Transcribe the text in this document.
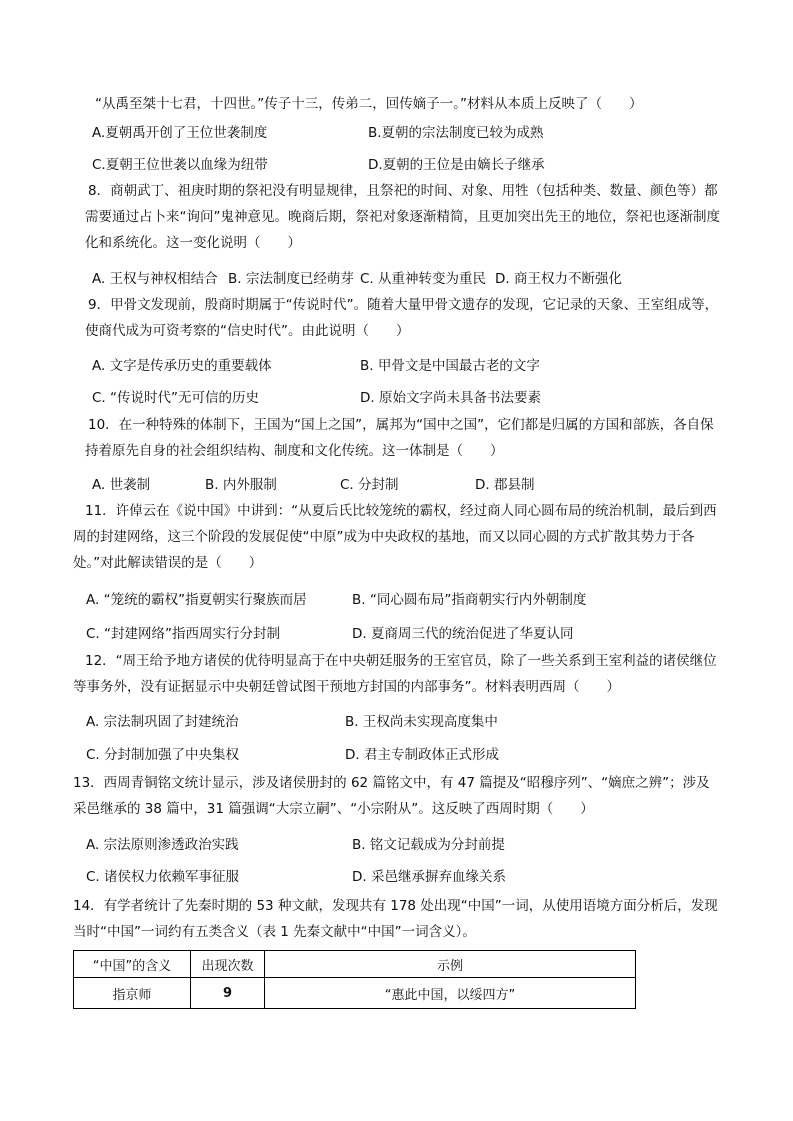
“从禹至桀十七君，十四世。”传子十三，传弟二，回传嫡子一。”材料从本质上反映了（　　）
A.夏朝禹开创了王位世袭制度	B.夏朝的宗法制度已较为成熟
C.夏朝王位世袭以血缘为纽带	D.夏朝的王位是由嫡长子继承
8．商朝武丁、祖庚时期的祭祀没有明显规律，且祭祀的时间、对象、用牲（包括种类、数量、颜色等）都需要通过占卜来“询问”鬼神意见。晚商后期，祭祀对象逐渐精简，且更加突出先王的地位，祭祀也逐渐制度化和系统化。这一变化说明（　　）
A. 王权与神权相结合 B. 宗法制度已经萌芽 C. 从重神转变为重民 D. 商王权力不断强化
9．甲骨文发现前，殷商时期属于“传说时代”。随着大量甲骨文遗存的发现，它记录的天象、王室组成等，使商代成为可资考察的“信史时代”。由此说明（　　）
A. 文字是传承历史的重要载体	B. 甲骨文是中国最古老的文字
C. “传说时代”无可信的历史	D. 原始文字尚未具备书法要素
10．在一种特殊的体制下，王国为“国上之国”，属邦为“国中之国”，它们都是归属的方国和部族，各自保持着原先自身的社会组织结构、制度和文化传统。这一体制是（　　）
A. 世袭制	B. 内外服制	C. 分封制	D. 郡县制
11．许倬云在《说中国》中讲到：“从夏后氏比较笼统的霸权，经过商人同心圆布局的统治机制，最后到西周的封建网络，这三个阶段的发展促使“中原”成为中央政权的基地，而又以同心圆的方式扩散其势力于各处。”对此解读错误的是（　　）
A. “笼统的霸权”指夏朝实行聚族而居	B. “同心圆布局”指商朝实行内外朝制度
C. “封建网络”指西周实行分封制	D. 夏商周三代的统治促进了华夏认同
12．“周王给予地方诸侯的优待明显高于在中央朝廷服务的王室官员，除了一些关系到王室利益的诸侯继位等事务外，没有证据显示中央朝廷曾试图干预地方封国的内部事务”。材料表明西周（　　）
A. 宗法制巩固了封建统治	B. 王权尚未实现高度集中
C. 分封制加强了中央集权	D. 君主专制政体正式形成
13．西周青铜铭文统计显示，涉及诸侯册封的 62 篇铭文中，有 47 篇提及“昭穆序列”、“嫡庶之辨”；涉及采邑继承的 38 篇中，31 篇强调“大宗立嗣”、“小宗附从”。这反映了西周时期（　　）
A. 宗法原则渗透政治实践	B. 铭文记载成为分封前提
C. 诸侯权力依赖军事征服	D. 采邑继承摒弃血缘关系
14．有学者统计了先秦时期的 53 种文献，发现共有 178 处出现“中国”一词，从使用语境方面分析后，发现当时“中国”一词约有五类含义（表 1 先秦文献中“中国”一词含义）。
“中国”的含义	出现次数	示例
指京师	9	“惠此中国，以绥四方”
